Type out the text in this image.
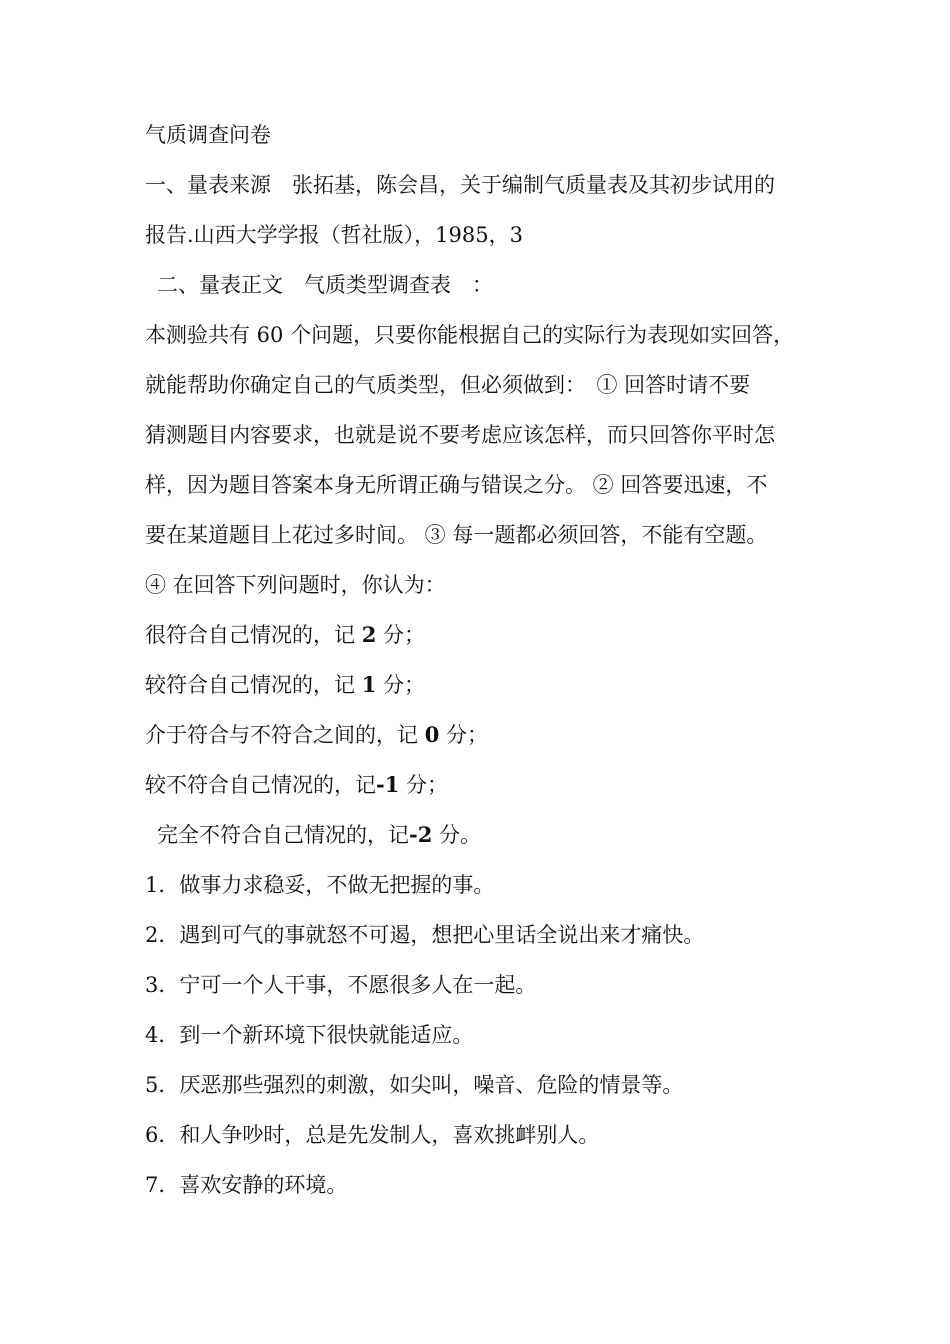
气质调查问卷
一、量表来源　张拓基，陈会昌，关于编制气质量表及其初步试用的
报告.山西大学学报（哲社版），1985，3
二、量表正文　气质类型调查表　：
本测验共有 60 个问题，只要你能根据自己的实际行为表现如实回答，
就能帮助你确定自己的气质类型，但必须做到：　① 回答时请不要
猜测题目内容要求，也就是说不要考虑应该怎样，而只回答你平时怎
样，因为题目答案本身无所谓正确与错误之分。 ② 回答要迅速，不
要在某道题目上花过多时间。 ③ 每一题都必须回答，不能有空题。
④ 在回答下列问题时，你认为：
很符合自己情况的，记 2 分；
较符合自己情况的，记 1 分；
介于符合与不符合之间的，记 0 分；
较不符合自己情况的，记-1 分；
完全不符合自己情况的，记-2 分。
1．做事力求稳妥，不做无把握的事。
2．遇到可气的事就怒不可遏，想把心里话全说出来才痛快。
3．宁可一个人干事，不愿很多人在一起。
4．到一个新环境下很快就能适应。
5．厌恶那些强烈的刺激，如尖叫，噪音、危险的情景等。
6．和人争吵时，总是先发制人，喜欢挑衅别人。
7．喜欢安静的环境。
